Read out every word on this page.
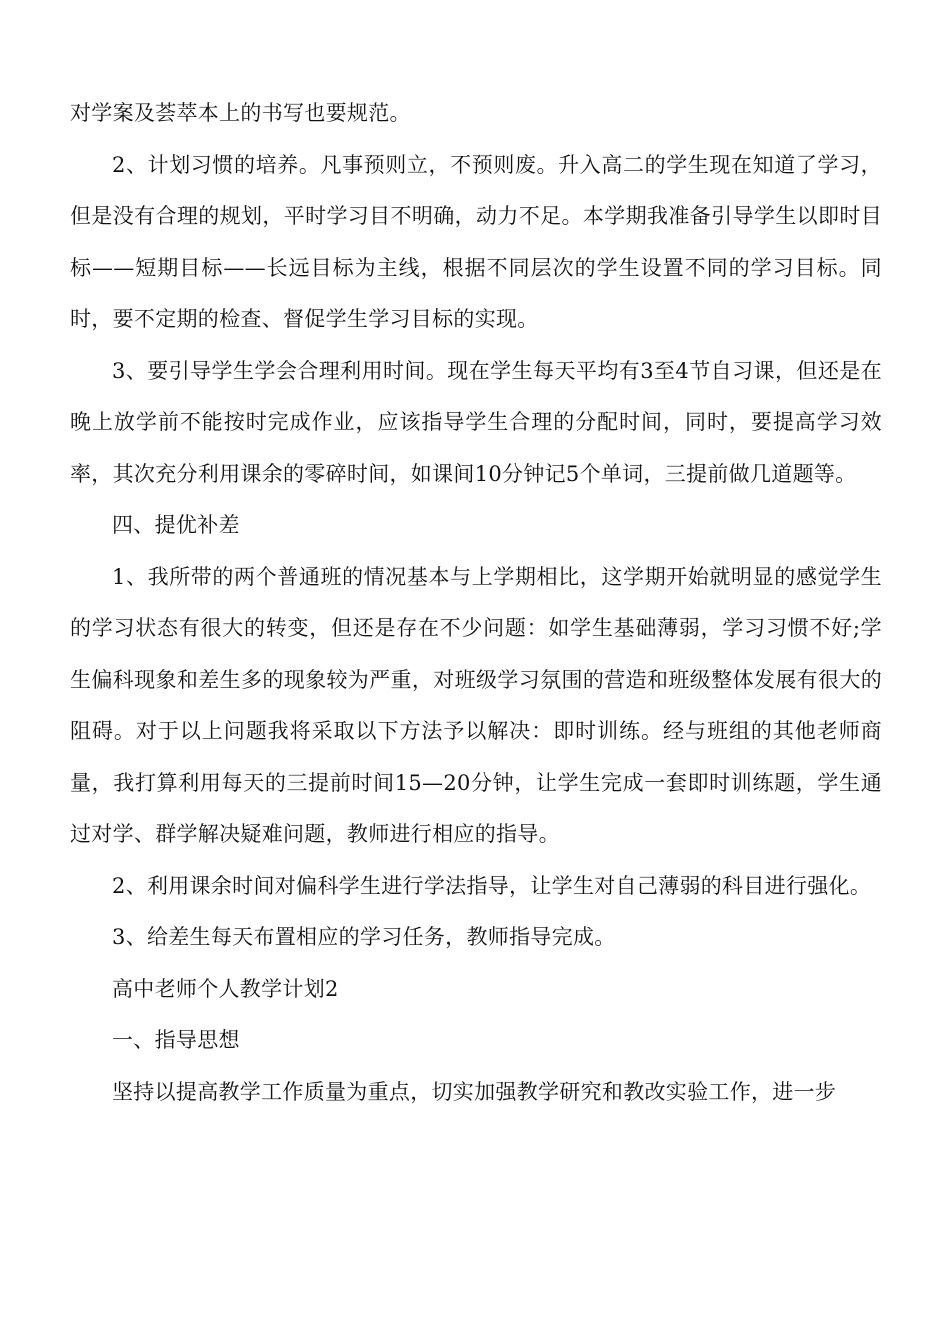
对学案及荟萃本上的书写也要规范。

2、计划习惯的培养。凡事预则立，不预则废。升入高二的学生现在知道了学习，但是没有合理的规划，平时学习目不明确，动力不足。本学期我准备引导学生以即时目标——短期目标——长远目标为主线，根据不同层次的学生设置不同的学习目标。同时，要不定期的检查、督促学生学习目标的实现。

3、要引导学生学会合理利用时间。现在学生每天平均有3至4节自习课，但还是在晚上放学前不能按时完成作业，应该指导学生合理的分配时间，同时，要提高学习效率，其次充分利用课余的零碎时间，如课间10分钟记5个单词，三提前做几道题等。

四、提优补差

1、我所带的两个普通班的情况基本与上学期相比，这学期开始就明显的感觉学生的学习状态有很大的转变，但还是存在不少问题：如学生基础薄弱，学习习惯不好;学生偏科现象和差生多的现象较为严重，对班级学习氛围的营造和班级整体发展有很大的阻碍。对于以上问题我将采取以下方法予以解决：即时训练。经与班组的其他老师商量，我打算利用每天的三提前时间15—20分钟，让学生完成一套即时训练题，学生通过对学、群学解决疑难问题，教师进行相应的指导。

2、利用课余时间对偏科学生进行学法指导，让学生对自己薄弱的科目进行强化。

3、给差生每天布置相应的学习任务，教师指导完成。

高中老师个人教学计划2

一、指导思想

坚持以提高教学工作质量为重点，切实加强教学研究和教改实验工作，进一步
